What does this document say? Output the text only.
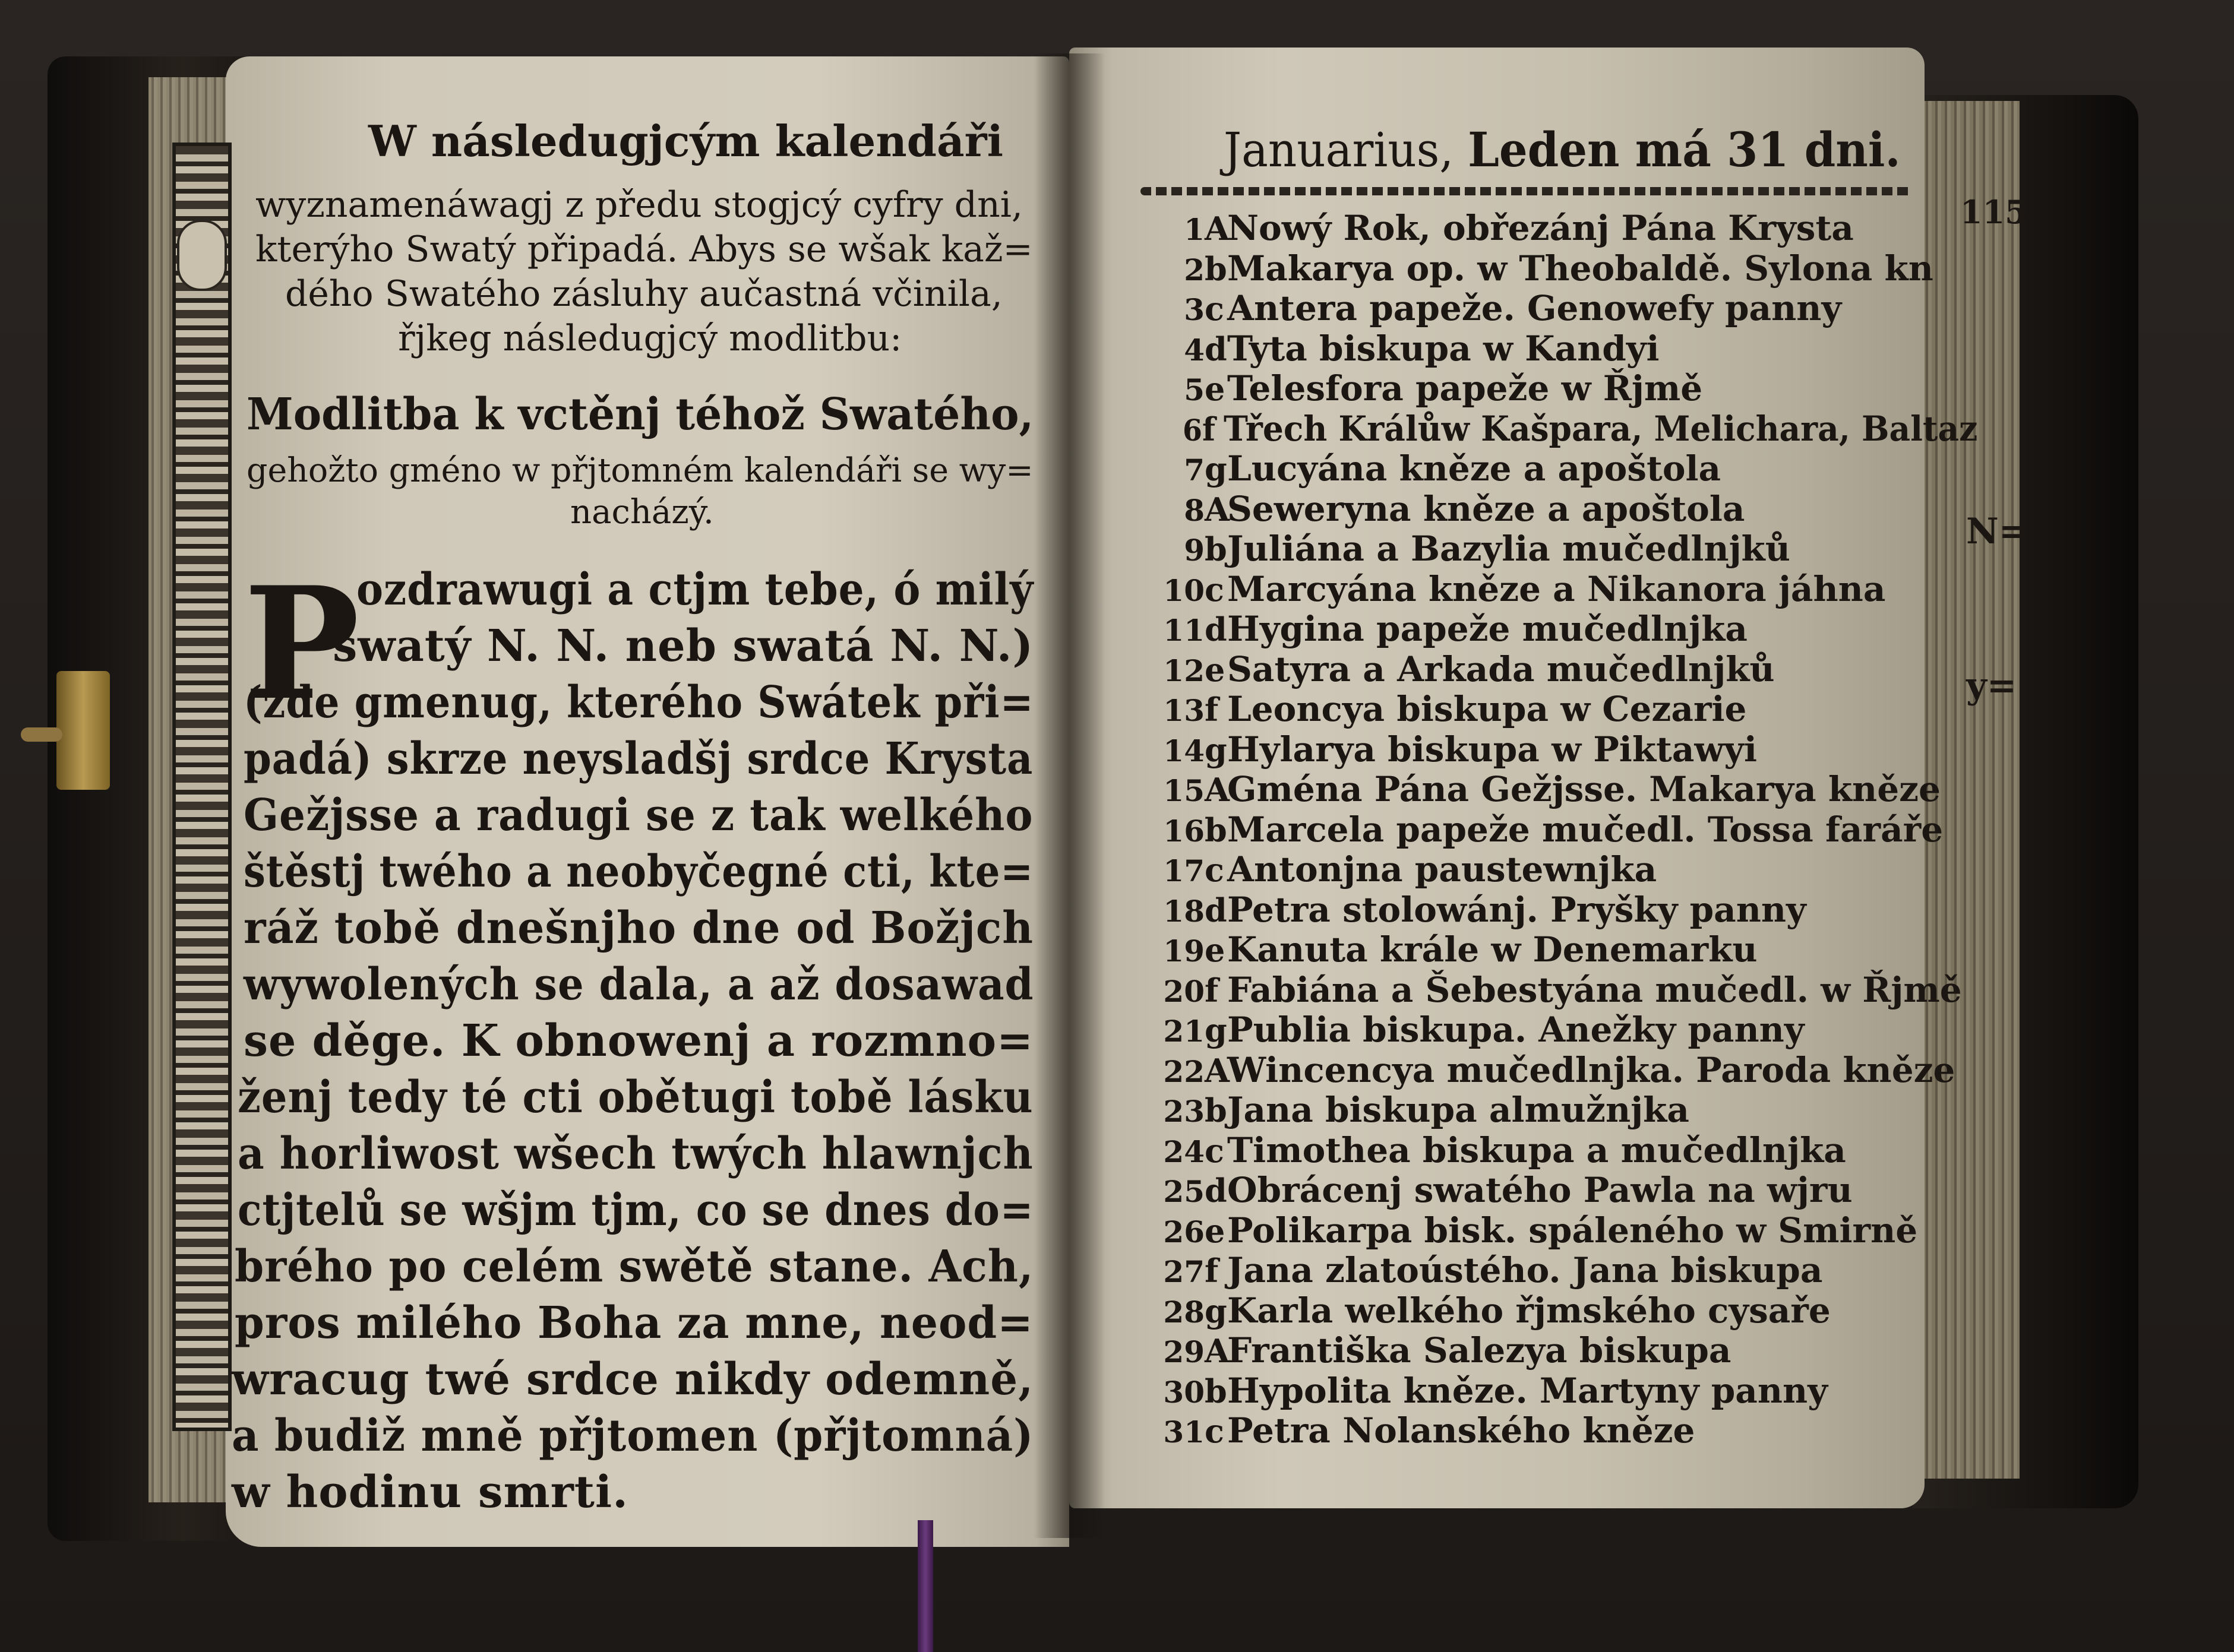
W následugjcým kalendáři
wyznamenáwagj z předu stogjcý cyfry dni,
kterýho Swatý připadá. Abys se wšak kaž=
dého Swatého zásluhy aučastná včinila,
řjkeg následugjcý modlitbu:
Modlitba k vctěnj téhož Swatého,
gehožto gméno w přjtomném kalendáři se wy=
nacházý.
P
ozdrawugi a ctjm tebe, ó milý
swatý N. N. neb swatá N. N.)
(zde gmenug, kterého Swátek při=
padá) skrze neysladšj srdce Krysta
Gežjsse a radugi se z tak welkého
štěstj twého a neobyčegné cti, kte=
ráž tobě dnešnjho dne od Božjch
wywolených se dala, a až dosawad
se děge. K obnowenj a rozmno=
ženj tedy té cti obětugi tobě lásku
a horliwost wšech twých hlawnjch
ctjtelů se wšjm tjm, co se dnes do=
brého po celém swětě stane. Ach,
pros milého Boha za mne, neod=
wracug twé srdce nikdy odemně,
a budiž mně přjtomen (přjtomná)
w hodinu smrti.
Januarius, Leden má 31 dni.
115
N=
y=
1ANowý Rok, obřezánj Pána Krysta
2bMakarya op. w Theobaldě. Sylona kn
3cAntera papeže. Genowefy panny
4dTyta biskupa w Kandyi
5eTelesfora papeže w Řjmě
6f Třech Králůw Kašpara, Melichara, Baltaz
7gLucyána kněze a apoštola
8ASewerynа kněze a apoštola
9bJuliána a Bazylia mučedlnjků
10cMarcyána kněze a Nikanora jáhna
11dHygina papeže mučedlnjka
12eSatyra a Arkada mučedlnjků
13f Leoncya biskupa w Cezarie
14gHylarya biskupa w Piktawyi
15AGména Pána Gežjsse. Makarya kněze
16bMarcela papeže mučedl. Tossa faráře
17cAntonjna paustewnjka
18dPetra stolowánj. Pryšky panny
19eKanuta krále w Denemarku
20f Fabiána a Šebestyána mučedl. w Řjmě
21gPublia biskupa. Anežky panny
22AWincencya mučedlnjka. Paroda kněze
23bJana biskupa almužnjka
24cTimothea biskupa a mučedlnjka
25dObrácenj swatého Pawla na wjru
26ePolikarpa bisk. spáleného w Smirně
27f Jana zlatoústého. Jana biskupa
28gKarla welkého řjmského cysaře
29AFrantiška Salezya biskupa
30bHypolita kněze. Martyny panny
31cPetra Nolanského kněze
